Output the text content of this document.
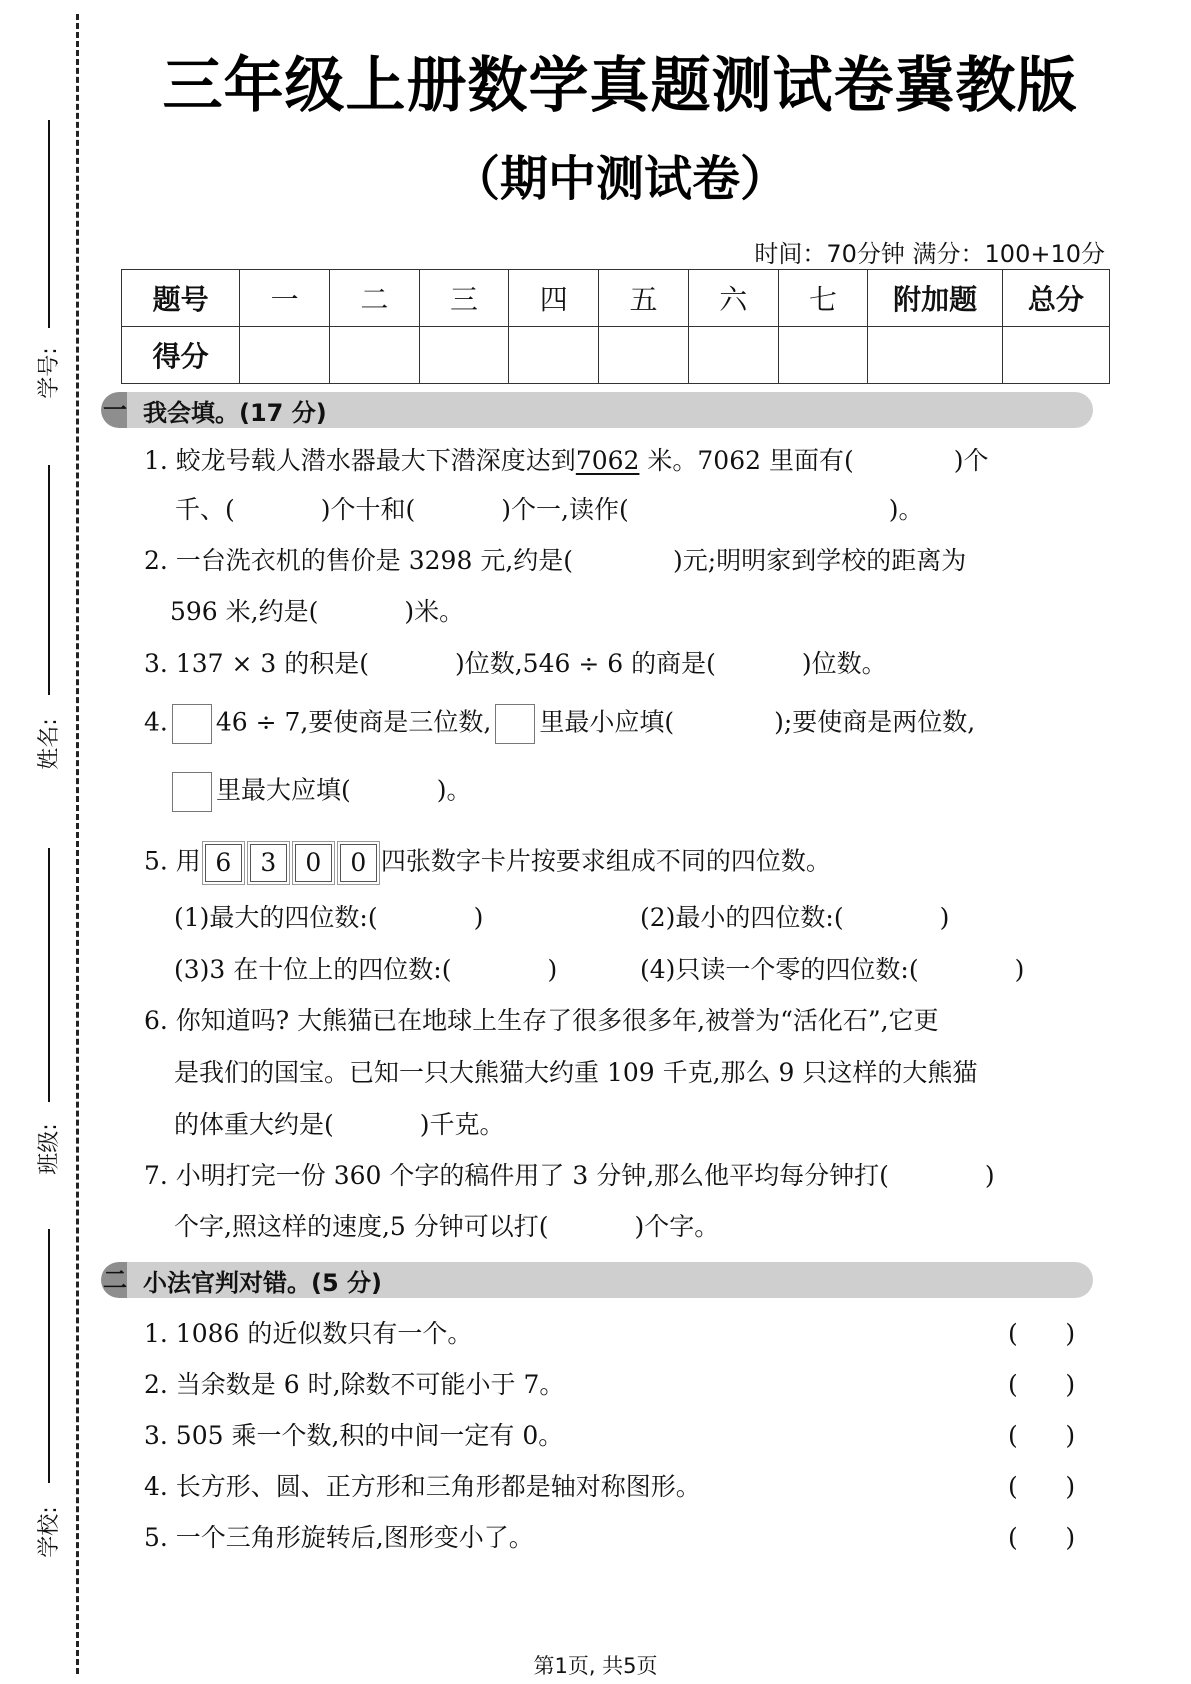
学号:
姓名:
班级:
学校:
三年级上册数学真题测试卷冀教版
（期中测试卷）
时间：70分钟 满分：100+10分
题号	一	二	三	四	五	六	七	附加题	总分
得分									
一 我会填。(17 分)
1. 蛟龙号载人潜水器最大下潜深度达到7062 米。7062 里面有(	)个
千、(	)个十和(	)个一,读作(	)。
2. 一台洗衣机的售价是 3298 元,约是(	)元;明明家到学校的距离为
596 米,约是(	)米。
3. 137 × 3 的积是(	)位数,546 ÷ 6 的商是(	)位数。
4. 46 ÷ 7,要使商是三位数, 里最小应填(	);要使商是两位数,
里最大应填(	)。
5. 用 6 3 0 0 四张数字卡片按要求组成不同的四位数。
(1)最大的四位数:(	)	(2)最小的四位数:(	)
(3)3 在十位上的四位数:(	)	(4)只读一个零的四位数:(	)
6. 你知道吗? 大熊猫已在地球上生存了很多很多年,被誉为“活化石”,它更
是我们的国宝。已知一只大熊猫大约重 109 千克,那么 9 只这样的大熊猫
的体重大约是(	)千克。
7. 小明打完一份 360 个字的稿件用了 3 分钟,那么他平均每分钟打(	)
个字,照这样的速度,5 分钟可以打(	)个字。
二 小法官判对错。(5 分)
1. 1086 的近似数只有一个。	(      )
2. 当余数是 6 时,除数不可能小于 7。	(      )
3. 505 乘一个数,积的中间一定有 0。	(      )
4. 长方形、圆、正方形和三角形都是轴对称图形。	(      )
5. 一个三角形旋转后,图形变小了。	(      )
第1页, 共5页
